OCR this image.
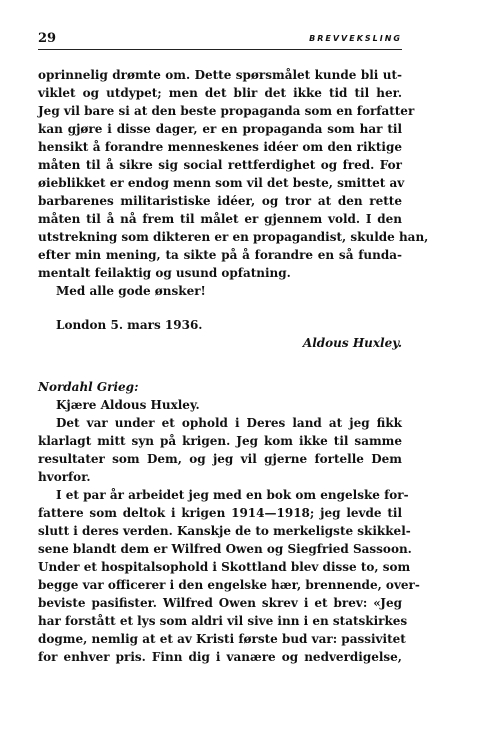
29	BREVVEKSLING
oprinnelig drømte om. Dette spørsmålet kunde bli ut-
viklet og utdypet; men det blir det ikke tid til her.
Jeg vil bare si at den beste propaganda som en forfatter
kan gjøre i disse dager, er en propaganda som har til
hensikt å forandre menneskenes idéer om den riktige
måten til å sikre sig social rettferdighet og fred. For
øieblikket er endog menn som vil det beste, smittet av
barbarenes militaristiske idéer, og tror at den rette
måten til å nå frem til målet er gjennem vold. I den
utstrekning som dikteren er en propagandist, skulde han,
efter min mening, ta sikte på å forandre en så funda-
mentalt feilaktig og usund opfatning.
Med alle gode ønsker!
London 5. mars 1936.
Aldous Huxley.
Nordahl Grieg:
Kjære Aldous Huxley.
Det var under et ophold i Deres land at jeg fikk
klarlagt mitt syn på krigen. Jeg kom ikke til samme
resultater som Dem, og jeg vil gjerne fortelle Dem
hvorfor.
I et par år arbeidet jeg med en bok om engelske for-
fattere som deltok i krigen 1914—1918; jeg levde til
slutt i deres verden. Kanskje de to merkeligste skikkel-
sene blandt dem er Wilfred Owen og Siegfried Sassoon.
Under et hospitalsophold i Skottland blev disse to, som
begge var officerer i den engelske hær, brennende, over-
beviste pasifister. Wilfred Owen skrev i et brev: «Jeg
har forstått et lys som aldri vil sive inn i en statskirkes
dogme, nemlig at et av Kristi første bud var: passivitet
for enhver pris. Finn dig i vanære og nedverdigelse,
